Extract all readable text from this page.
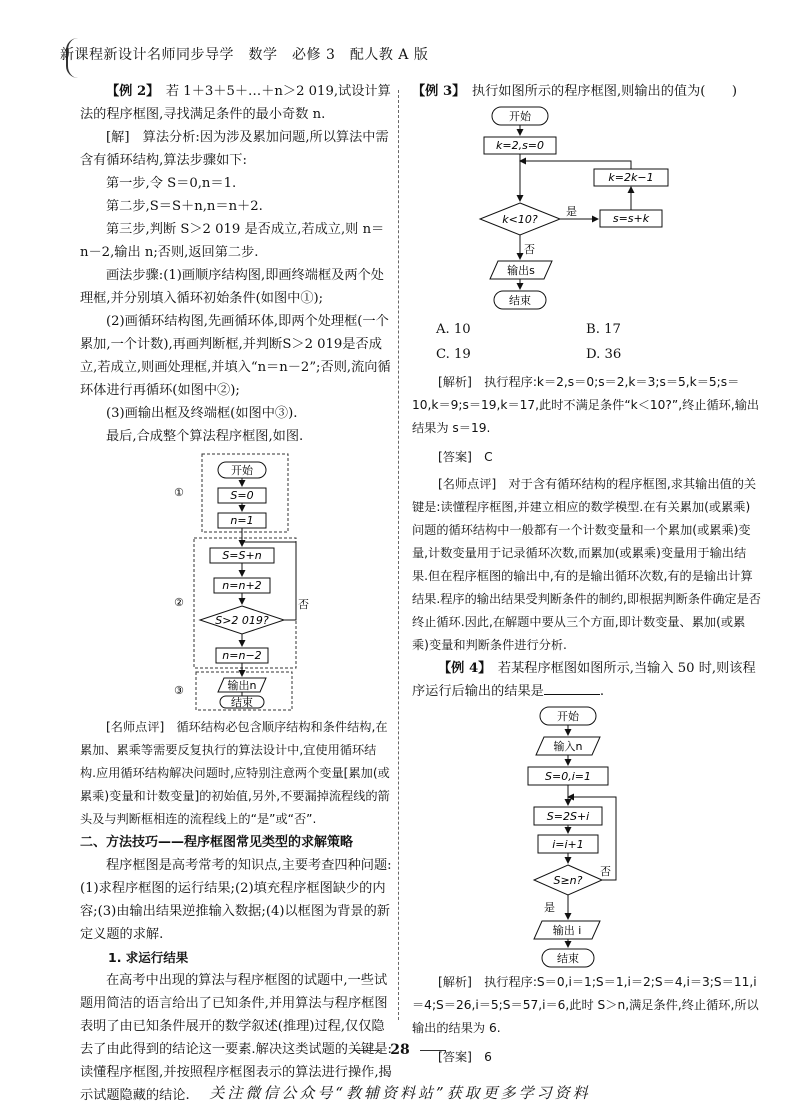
新课程新设计名师同步导学　数学　必修 3　配人教 A 版

【例 2】　 若 1＋3＋5＋…＋n＞2 019,试设计算法的程序框图,寻找满足条件的最小奇数 n.

[解]　 算法分析:因为涉及累加问题,所以算法中需含有循环结构,算法步骤如下:

第一步,令 S＝0,n＝1.

第二步,S＝S＋n,n＝n＋2.

第三步,判断 S＞2 019 是否成立,若成立,则 n＝n－2,输出 n;否则,返回第二步.

画法步骤:(1)画顺序结构图,即画终端框及两个处理框,并分别填入循环初始条件(如图中①);

(2)画循环结构图,先画循环体,即两个处理框(一个累加,一个计数),再画判断框,并判断S＞2 019是否成立,若成立,则画处理框,并填入“n＝n－2”;否则,流向循环体进行再循环(如图中②);

(3)画输出框及终端框(如图中③).

最后,合成整个算法程序框图,如图.

①
②
③
开始
S=0
n=1
S=S+n
n=n+2
S>2 019?
否
n=n−2
输出n
结束

[名师点评]　 循环结构必包含顺序结构和条件结构,在累加、累乘等需要反复执行的算法设计中,宜使用循环结构.应用循环结构解决问题时,应特别注意两个变量[累加(或累乘)变量和计数变量]的初始值,另外,不要漏掉流程线的箭头及与判断框相连的流程线上的“是”或“否”.

二、方法技巧——程序框图常见类型的求解策略

程序框图是高考常考的知识点,主要考查四种问题:(1)求程序框图的运行结果;(2)填充程序框图缺少的内容;(3)由输出结果逆推输入数据;(4)以框图为背景的新定义题的求解.

1. 求运行结果

在高考中出现的算法与程序框图的试题中,一些试题用简洁的语言给出了已知条件,并用算法与程序框图表明了由已知条件展开的数学叙述(推理)过程,仅仅隐去了由此得到的结论这一要素.解决这类试题的关键是:读懂程序框图,并按照程序框图表示的算法进行操作,揭示试题隐藏的结论.

【例 3】　 执行如图所示的程序框图,则输出的值为(　　)

开始
k=2,s=0
k<10?
是
s=s+k
k=2k−1
否
输出s
结束
A. 10	B. 17
C. 19	D. 36

[解析]　 执行程序:k＝2,s＝0;s＝2,k＝3;s＝5,k＝5;s＝10,k＝9;s＝19,k＝17,此时不满足条件“k＜10?”,终止循环,输出结果为 s＝19.

[答案]　 C

[名师点评]　 对于含有循环结构的程序框图,求其输出值的关键是:读懂程序框图,并建立相应的数学模型.在有关累加(或累乘)问题的循环结构中一般都有一个计数变量和一个累加(或累乘)变量,计数变量用于记录循环次数,而累加(或累乘)变量用于输出结果.但在程序框图的输出中,有的是输出循环次数,有的是输出计算结果.程序的输出结果受判断条件的制约,即根据判断条件确定是否终止循环.因此,在解题中要从三个方面,即计数变量、累加(或累乘)变量和判断条件进行分析.

【例 4】　 若某程序框图如图所示,当输入 50 时,则该程序运行后输出的结果是	.

开始
输入n
S=0,i=1
S=2S+i
i=i+1
S≥n?
否
是
输出 i
结束

[解析]　 执行程序:S＝0,i＝1;S＝1,i＝2;S＝4,i＝3;S＝11,i＝4;S＝26,i＝5;S＝57,i＝6,此时 S＞n,满足条件,终止循环,所以输出的结果为 6.

[答案]　 6

28
关注微信公众号“教辅资料站”获取更多学习资料
